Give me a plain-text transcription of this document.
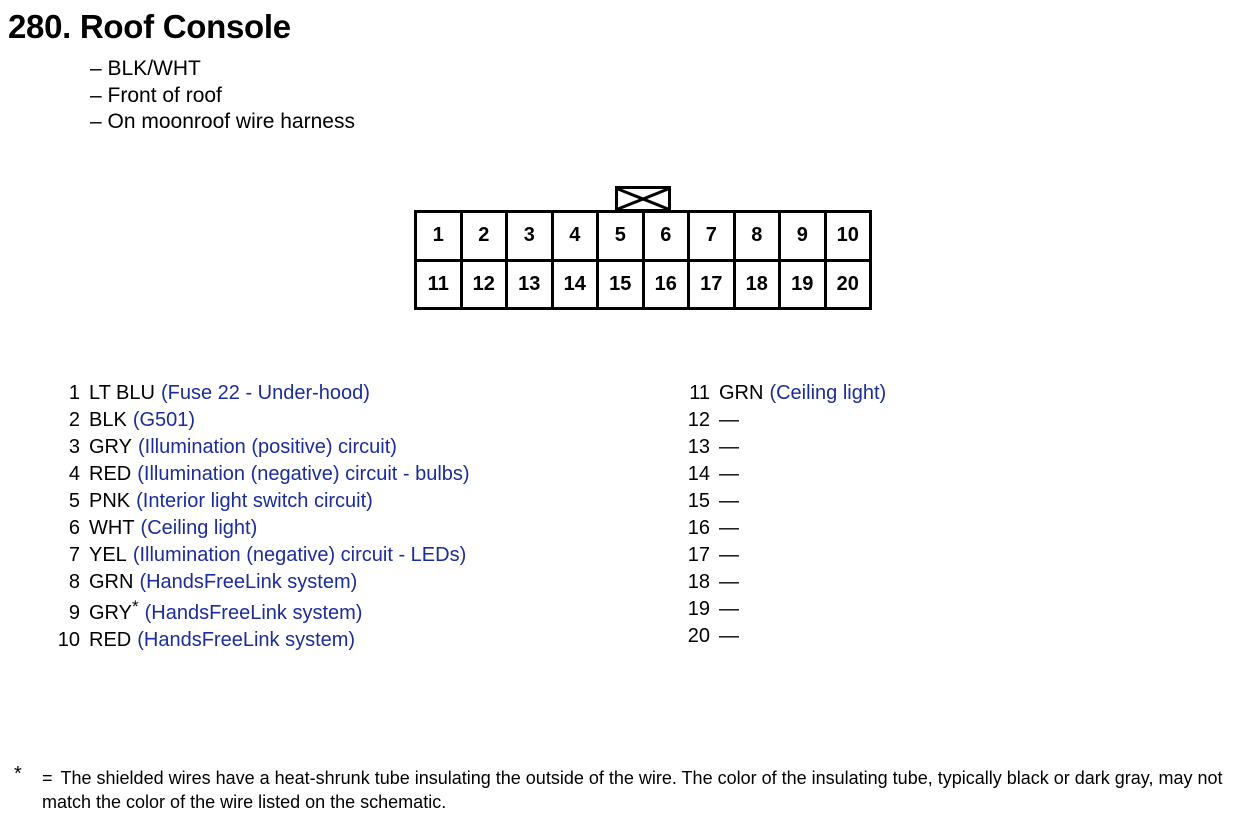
280. Roof Console
– BLK/WHT
– Front of roof
– On moonroof wire harness
1	2	3	4	5	6	7	8	9	10
11	12	13	14	15	16	17	18	19	20
1 LT BLU (Fuse 22 - Under-hood)
2 BLK (G501)
3 GRY (Illumination (positive) circuit)
4 RED (Illumination (negative) circuit - bulbs)
5 PNK (Interior light switch circuit)
6 WHT (Ceiling light)
7 YEL (Illumination (negative) circuit - LEDs)
8 GRN (HandsFreeLink system)
9 GRY* (HandsFreeLink system)
10 RED (HandsFreeLink system)
11 GRN (Ceiling light)
12 —
13 —
14 —
15 —
16 —
17 —
18 —
19 —
20 —
* = The shielded wires have a heat-shrunk tube insulating the outside of the wire. The color of the insulating tube, typically black or dark gray, may not match the color of the wire listed on the schematic.
